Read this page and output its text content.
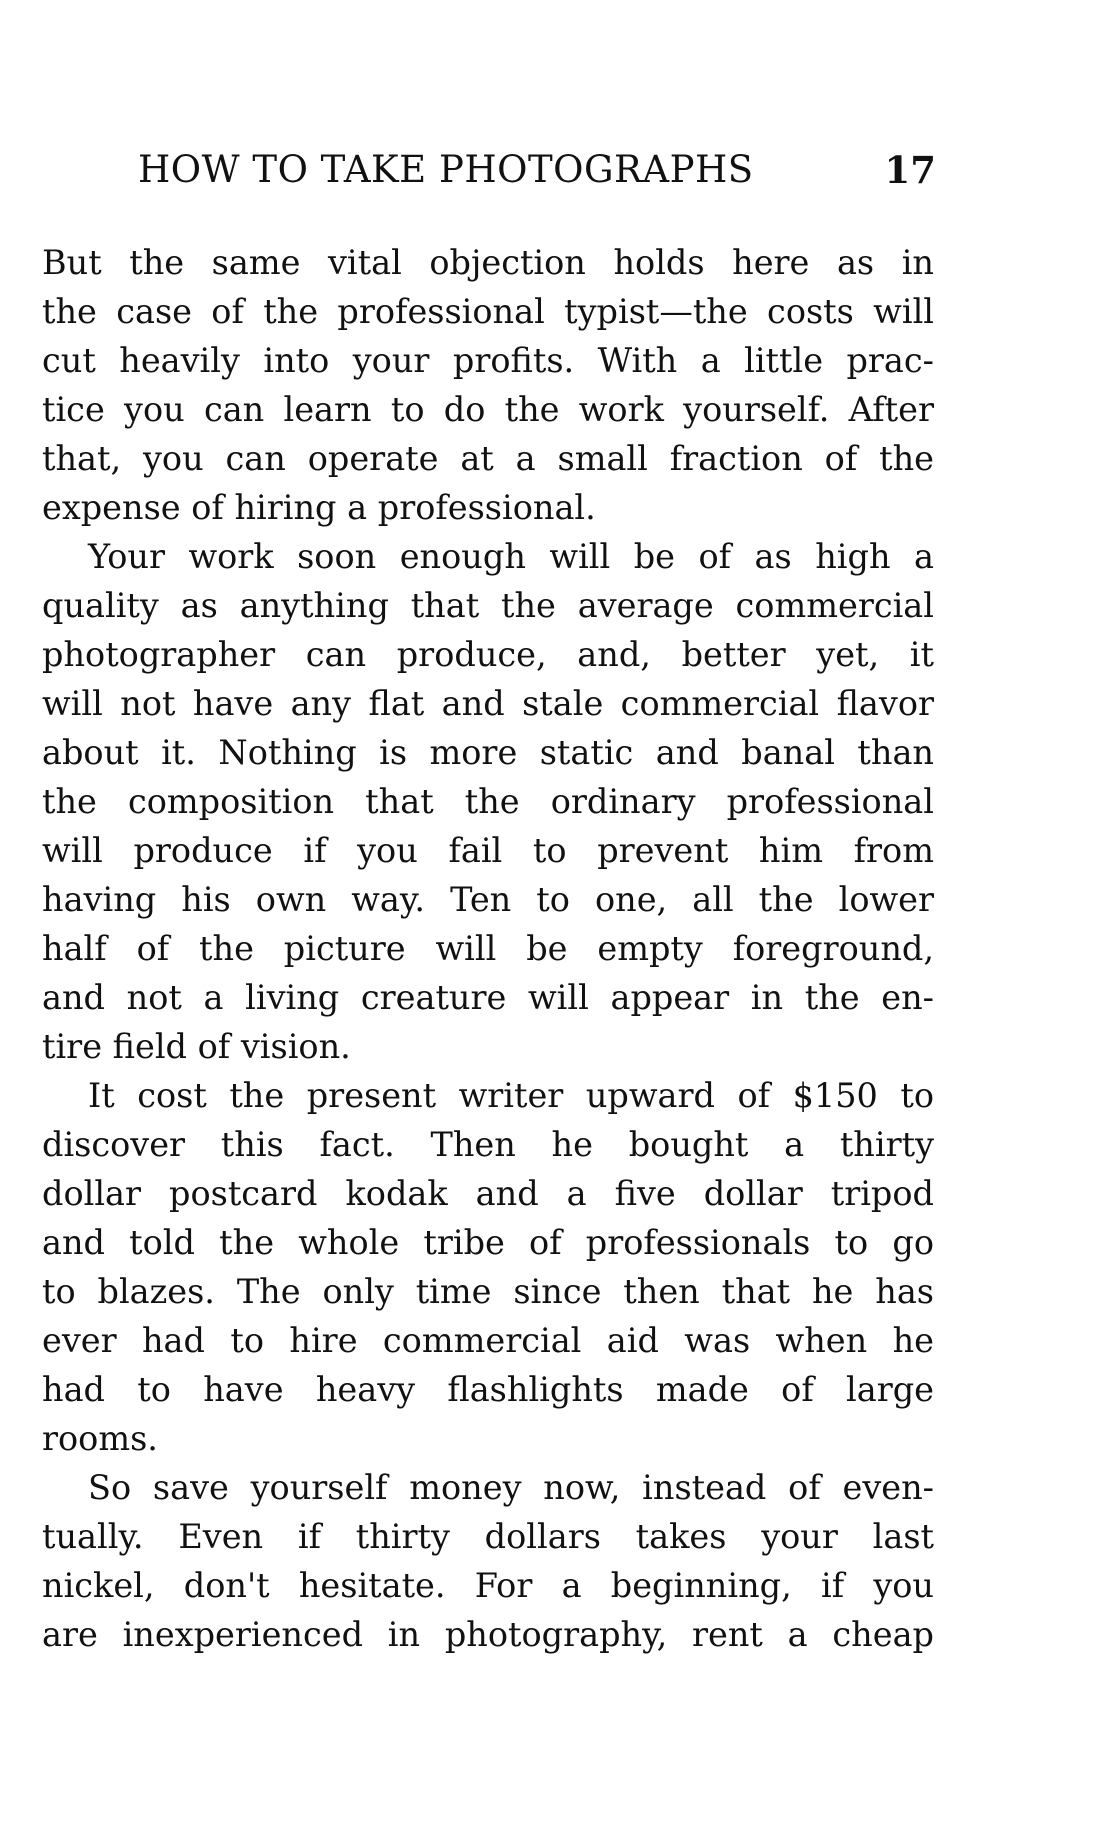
HOW TO TAKE PHOTOGRAPHS	17
But the same vital objection holds here as in
the case of the professional typist—the costs will
cut heavily into your profits. With a little prac-
tice you can learn to do the work yourself. After
that, you can operate at a small fraction of the
expense of hiring a professional.
Your work soon enough will be of as high a
quality as anything that the average commercial
photographer can produce, and, better yet, it
will not have any flat and stale commercial flavor
about it. Nothing is more static and banal than
the composition that the ordinary professional
will produce if you fail to prevent him from
having his own way. Ten to one, all the lower
half of the picture will be empty foreground,
and not a living creature will appear in the en-
tire field of vision.
It cost the present writer upward of $150 to
discover this fact. Then he bought a thirty
dollar postcard kodak and a five dollar tripod
and told the whole tribe of professionals to go
to blazes. The only time since then that he has
ever had to hire commercial aid was when he
had to have heavy flashlights made of large
rooms.
So save yourself money now, instead of even-
tually. Even if thirty dollars takes your last
nickel, don't hesitate. For a beginning, if you
are inexperienced in photography, rent a cheap
